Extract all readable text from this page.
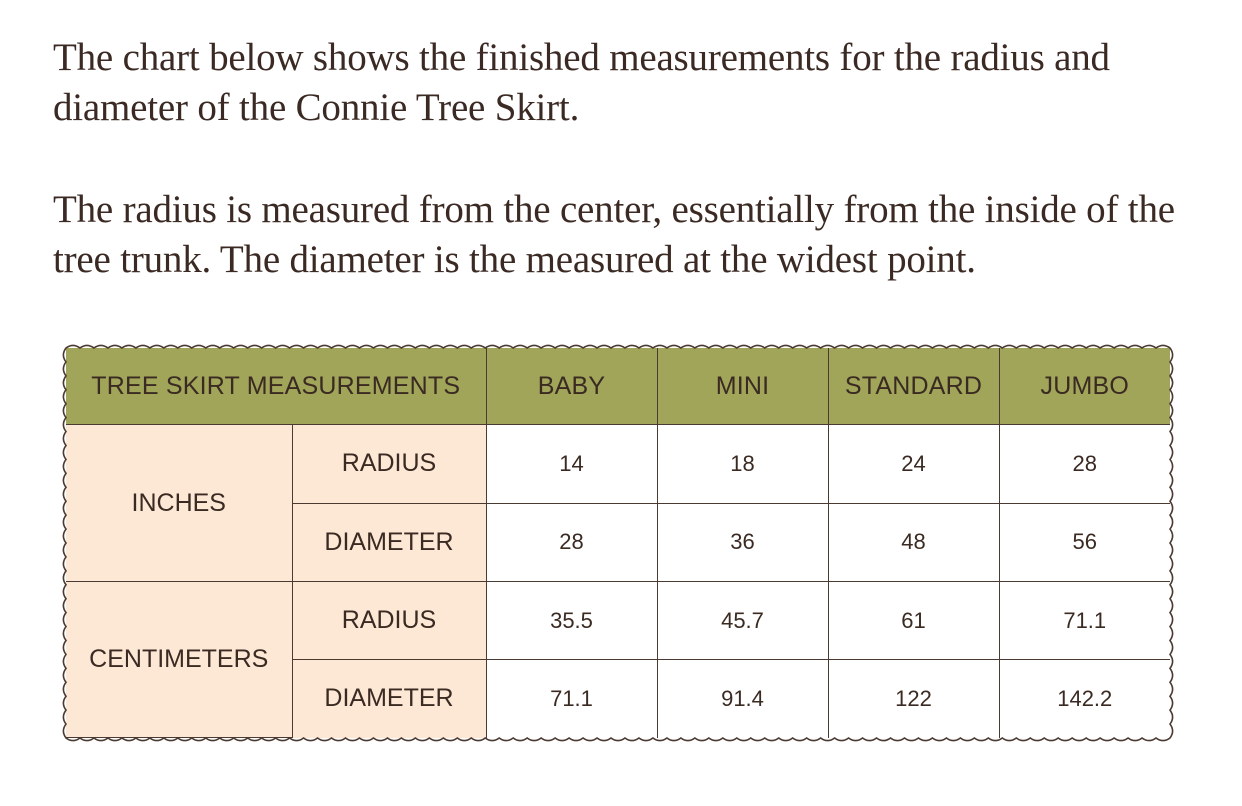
The chart below shows the finished measurements for the radius and diameter of the Connie Tree Skirt.

The radius is measured from the center, essentially from the inside of the tree trunk. The diameter is the measured at the widest point.

TREE SKIRT MEASUREMENTS		BABY	MINI	STANDARD	JUMBO
INCHES	RADIUS	14	18	24	28
	DIAMETER	28	36	48	56
CENTIMETERS	RADIUS	35.5	45.7	61	71.1
	DIAMETER	71.1	91.4	122	142.2
